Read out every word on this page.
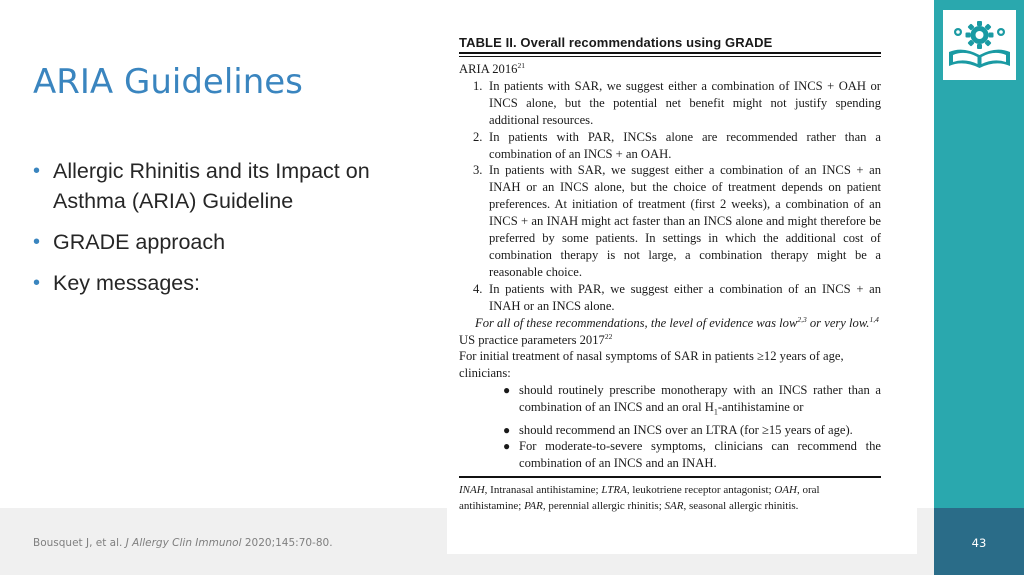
Bousquet J, et al. J Allergy Clin Immunol 2020;145:70-80.	43
ARIA Guidelines
• Allergic Rhinitis and its Impact on Asthma (ARIA) Guideline
• GRADE approach
• Key messages:
TABLE II. Overall recommendations using GRADE
ARIA 2016$^{21}$
1. In patients with SAR, we suggest either a combination of INCS + OAH or INCS alone, but the potential net benefit might not justify spending additional resources.
2. In patients with PAR, INCSs alone are recommended rather than a combination of an INCS + an OAH.
3. In patients with SAR, we suggest either a combination of an INCS + an INAH or an INCS alone, but the choice of treatment depends on patient preferences. At initiation of treatment (first 2 weeks), a combination of an INCS + an INAH might act faster than an INCS alone and might therefore be preferred by some patients. In settings in which the additional cost of combination therapy is not large, a combination therapy might be a reasonable choice.
4. In patients with PAR, we suggest either a combination of an INCS + an INAH or an INCS alone.
For all of these recommendations, the level of evidence was low$^{2,3}$ or very low.$^{1,4}$
US practice parameters 2017$^{22}$
For initial treatment of nasal symptoms of SAR in patients ≥12 years of age, clinicians:
● should routinely prescribe monotherapy with an INCS rather than a combination of an INCS and an oral $H_1$-antihistamine or
● should recommend an INCS over an LTRA (for ≥15 years of age).
● For moderate-to-severe symptoms, clinicians can recommend the combination of an INCS and an INAH.
INAH, Intranasal antihistamine; LTRA, leukotriene receptor antagonist; OAH, oral antihistamine; PAR, perennial allergic rhinitis; SAR, seasonal allergic rhinitis.
